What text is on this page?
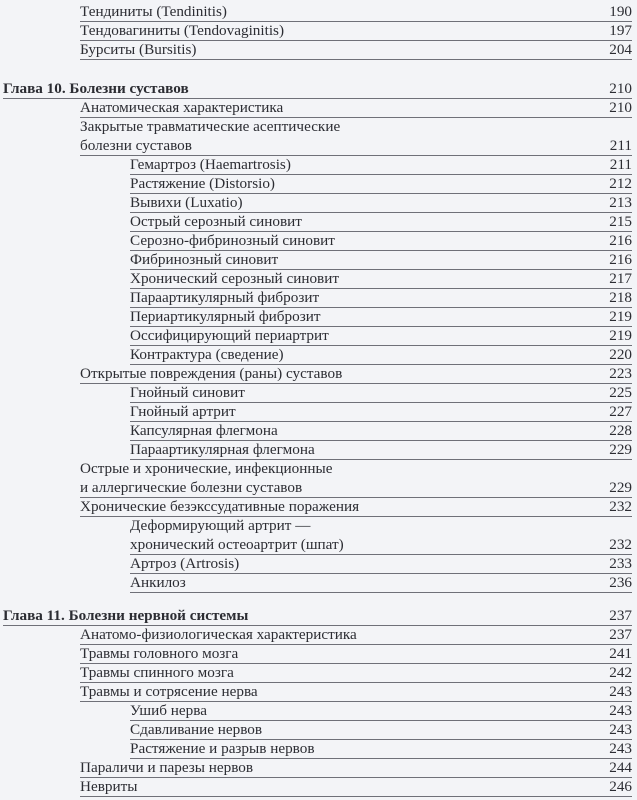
Тендиниты (Tendinitis)	190
Тендовагиниты (Tendovaginitis)	197
Бурситы (Bursitis)	204
Глава 10. Болезни суставов	210
Анатомическая характеристика	210
Закрытые травматические асептические
болезни суставов	211
Гемартроз (Haemartrosis)	211
Растяжение (Distorsio)	212
Вывихи (Luxatio)	213
Острый серозный синовит	215
Серозно-фибринозный синовит	216
Фибринозный синовит	216
Хронический серозный синовит	217
Параартикулярный фиброзит	218
Периартикулярный фиброзит	219
Оссифицирующий периартрит	219
Контрактура (сведение)	220
Открытые повреждения (раны) суставов	223
Гнойный синовит	225
Гнойный артрит	227
Капсулярная флегмона	228
Параартикулярная флегмона	229
Острые и хронические, инфекционные
и аллергические болезни суставов	229
Хронические безэкссудативные поражения	232
Деформирующий артрит —
хронический остеоартрит (шпат)	232
Артроз (Artrosis)	233
Анкилоз	236
Глава 11. Болезни нервной системы	237
Анатомо-физиологическая характеристика	237
Травмы головного мозга	241
Травмы спинного мозга	242
Травмы и сотрясение нерва	243
Ушиб нерва	243
Сдавливание нервов	243
Растяжение и разрыв нервов	243
Параличи и парезы нервов	244
Невриты	246
